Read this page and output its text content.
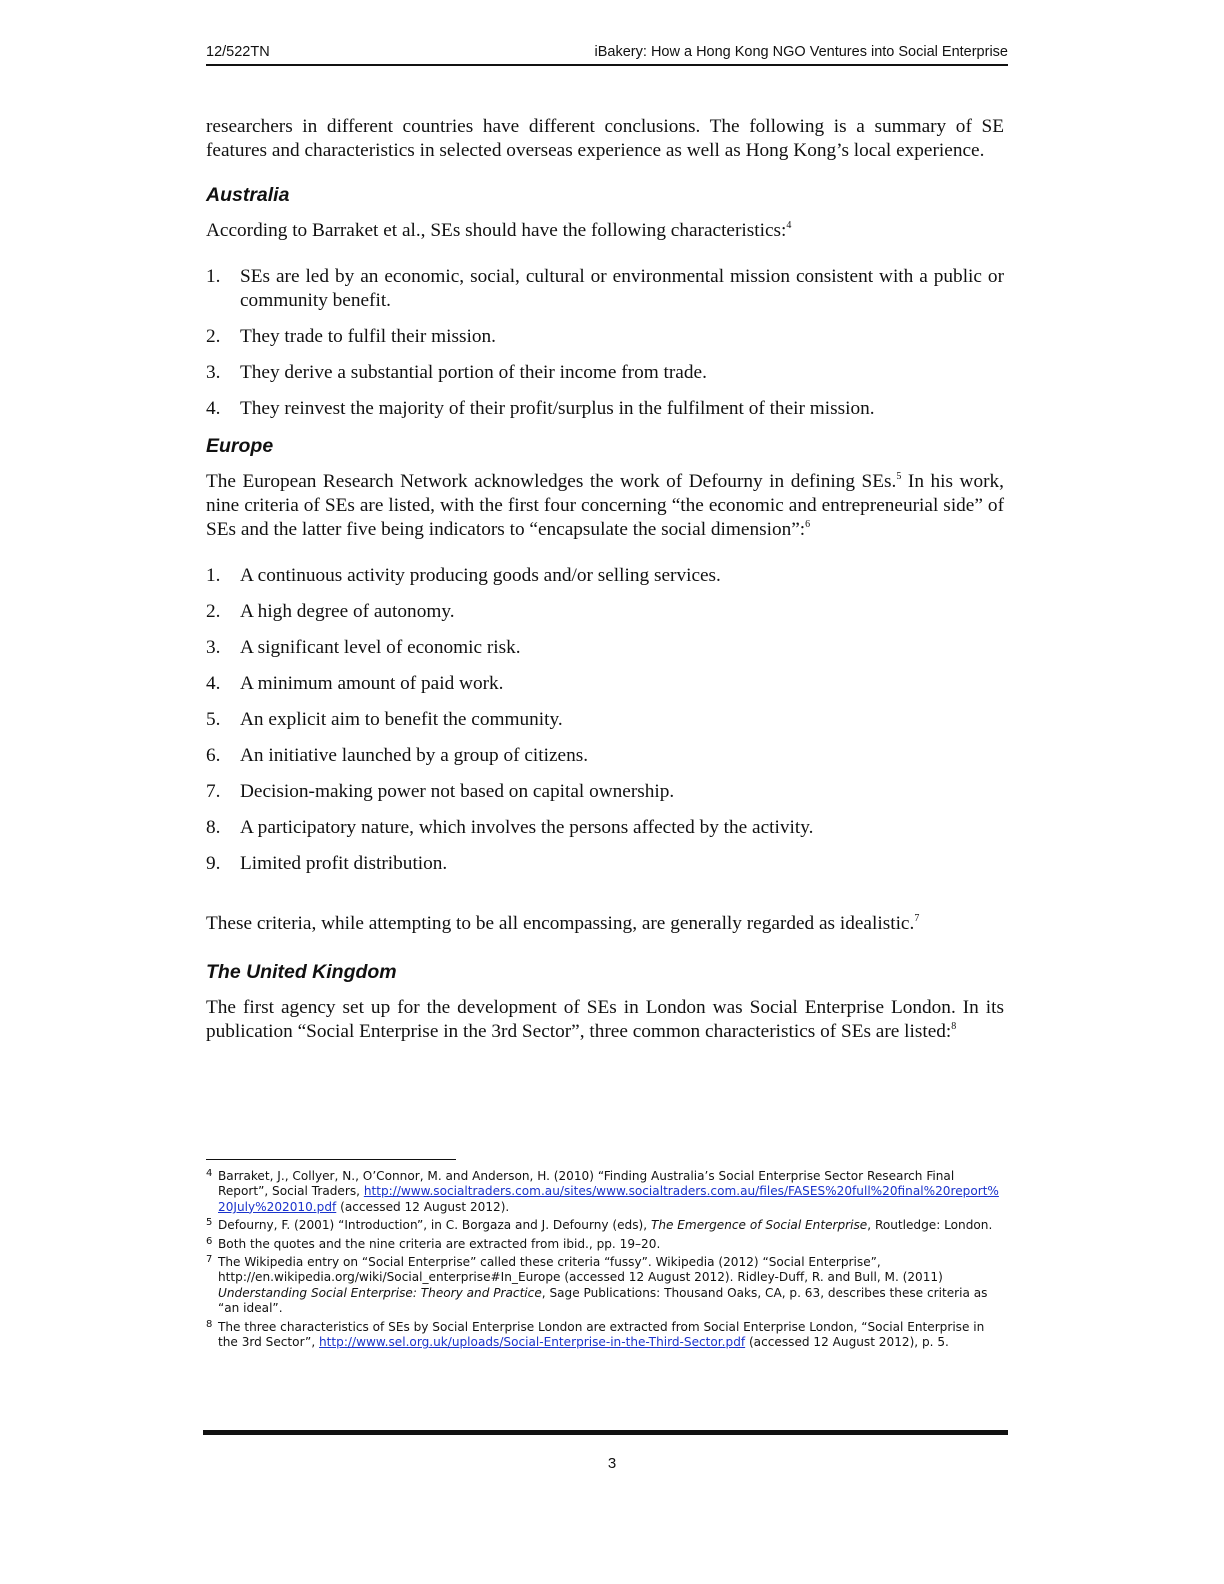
12/522TN	iBakery: How a Hong Kong NGO Ventures into Social Enterprise

researchers in different countries have different conclusions. The following is a summary of SE features and characteristics in selected overseas experience as well as Hong Kong’s local experience.

Australia

According to Barraket et al., SEs should have the following characteristics:$^4$

1. SEs are led by an economic, social, cultural or environmental mission consistent with a public or community benefit.
2. They trade to fulfil their mission.
3. They derive a substantial portion of their income from trade.
4. They reinvest the majority of their profit/surplus in the fulfilment of their mission.
Europe

The European Research Network acknowledges the work of Defourny in defining SEs.$^5$ In his work, nine criteria of SEs are listed, with the first four concerning “the economic and entrepreneurial side” of SEs and the latter five being indicators to “encapsulate the social dimension”:$^6$

1. A continuous activity producing goods and/or selling services.
2. A high degree of autonomy.
3. A significant level of economic risk.
4. A minimum amount of paid work.
5. An explicit aim to benefit the community.
6. An initiative launched by a group of citizens.
7. Decision-making power not based on capital ownership.
8. A participatory nature, which involves the persons affected by the activity.
9. Limited profit distribution.

These criteria, while attempting to be all encompassing, are generally regarded as idealistic.$^7$

The United Kingdom

The first agency set up for the development of SEs in London was Social Enterprise London. In its publication “Social Enterprise in the 3rd Sector”, three common characteristics of SEs are listed:$^8$

4 Barraket, J., Collyer, N., O’Connor, M. and Anderson, H. (2010) “Finding Australia’s Social Enterprise Sector Research Final Report”, Social Traders, http://www.socialtraders.com.au/sites/www.socialtraders.com.au/files/FASES%20full%20final%20report%20July%202010.pdf (accessed 12 August 2012).
5 Defourny, F. (2001) “Introduction”, in C. Borgaza and J. Defourny (eds), The Emergence of Social Enterprise, Routledge: London.
6 Both the quotes and the nine criteria are extracted from ibid., pp. 19–20.
7 The Wikipedia entry on “Social Enterprise” called these criteria “fussy”. Wikipedia (2012) “Social Enterprise”, http://en.wikipedia.org/wiki/Social_enterprise#In_Europe (accessed 12 August 2012). Ridley-Duff, R. and Bull, M. (2011) Understanding Social Enterprise: Theory and Practice, Sage Publications: Thousand Oaks, CA, p. 63, describes these criteria as “an ideal”.
8 The three characteristics of SEs by Social Enterprise London are extracted from Social Enterprise London, “Social Enterprise in the 3rd Sector”, http://www.sel.org.uk/uploads/Social-Enterprise-in-the-Third-Sector.pdf (accessed 12 August 2012), p. 5.
3
